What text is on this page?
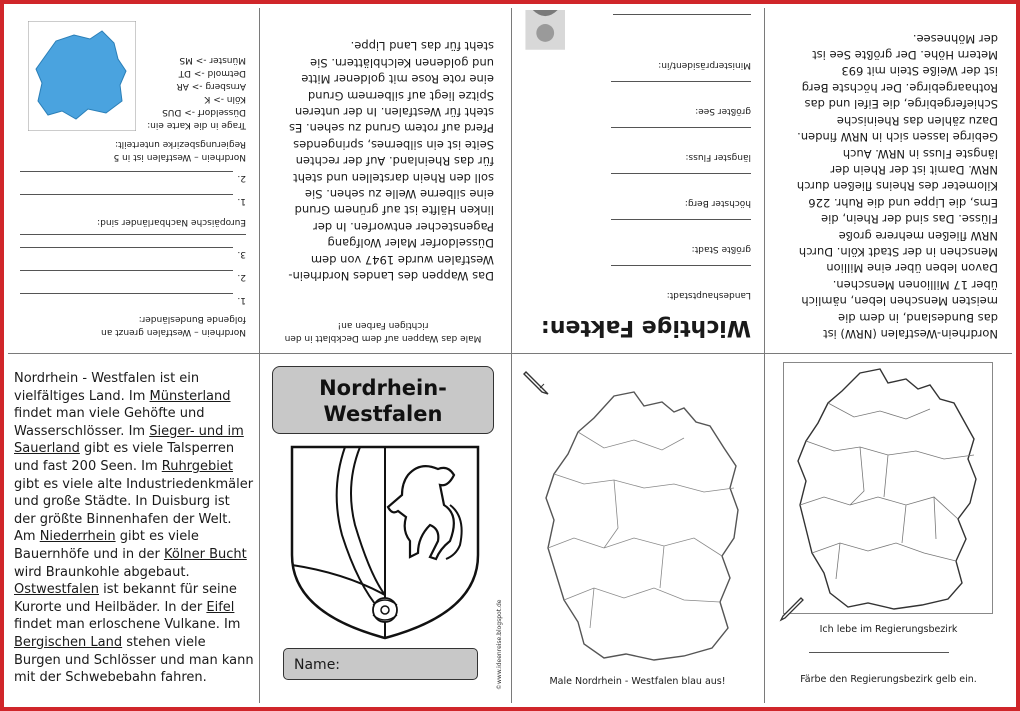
Nordrhein – Westfalen grenzt an
folgende Bundesländer:
1.
2.
3.
Europäische Nachbarländer sind:
1.
2.
Nordrhein – Westfalen ist in 5
Regierungsbezirke unterteilt:
Trage in die Karte ein:
Düsseldorf -> DUS
Köln -> K
Arnsberg -> AR
Detmold -> DT
Münster -> MS
Male das Wappen auf dem Deckblatt in den
richtigen Farben an!
Das Wappen des Landes Nordrhein-
Westfalen wurde 1947 von dem
Düsseldorfer Maler Wolfgang
Pagenstecher entworfen. In der
linken Hälfte ist auf grünem Grund
eine silberne Welle zu sehen. Sie
soll den Rhein darstellen und steht
für das Rheinland. Auf der rechten
Seite ist ein silbernes, springendes
Pferd auf rotem Grund zu sehen. Es
steht für Westfalen. In der unteren
Spitze liegt auf silbernem Grund
eine rote Rose mit goldener Mitte
und goldenen Kelchblättern. Sie
steht für das Land Lippe.
Wichtige Fakten:
Landeshauptstadt:
größte Stadt:
höchster Berg:
längster Fluss:
größter See:
Ministerpräsident/in:
Nordrhein-Westfalen (NRW) ist
das Bundesland, in dem die
meisten Menschen leben, nämlich
über 17 Millionen Menschen.
Davon leben über eine Million
Menschen in der Stadt Köln. Durch
NRW fließen mehrere große
Flüsse. Das sind der Rhein, die
Ems, die Lippe und die Ruhr. 226
Kilometer des Rheins fließen durch
NRW. Damit ist der Rhein der
längste Fluss in NRW. Auch
Gebirge lassen sich in NRW finden.
Dazu zählen das Rheinische
Schiefergebirge, die Eifel und das
Rothaargebirge. Der höchste Berg
ist der Weiße Stein mit 693
Metern Höhe. Der größte See ist
der Möhnesee.
Nordrhein - Westfalen ist ein vielfältiges Land. Im Münsterland findet man viele Gehöfte und Wasserschlösser. Im Sieger- und im Sauerland gibt es viele Talsperren und fast 200 Seen. Im Ruhrgebiet gibt es viele alte Industriedenkmäler und große Städte. In Duisburg ist der größte Binnenhafen der Welt. Am Niederrhein gibt es viele Bauernhöfe und in der Kölner Bucht wird Braunkohle abgebaut. Ostwestfalen ist bekannt für seine Kurorte und Heilbäder. In der Eifel findet man erloschene Vulkane. Im Bergischen Land stehen viele Burgen und Schlösser und man kann mit der Schwebebahn fahren.
Nordrhein-
Westfalen
Name:	©www.ideenreise.blogspot.de	Male Nordrhein - Westfalen blau aus!
Ich lebe im Regierungsbezirk
Färbe den Regierungsbezirk gelb ein.
